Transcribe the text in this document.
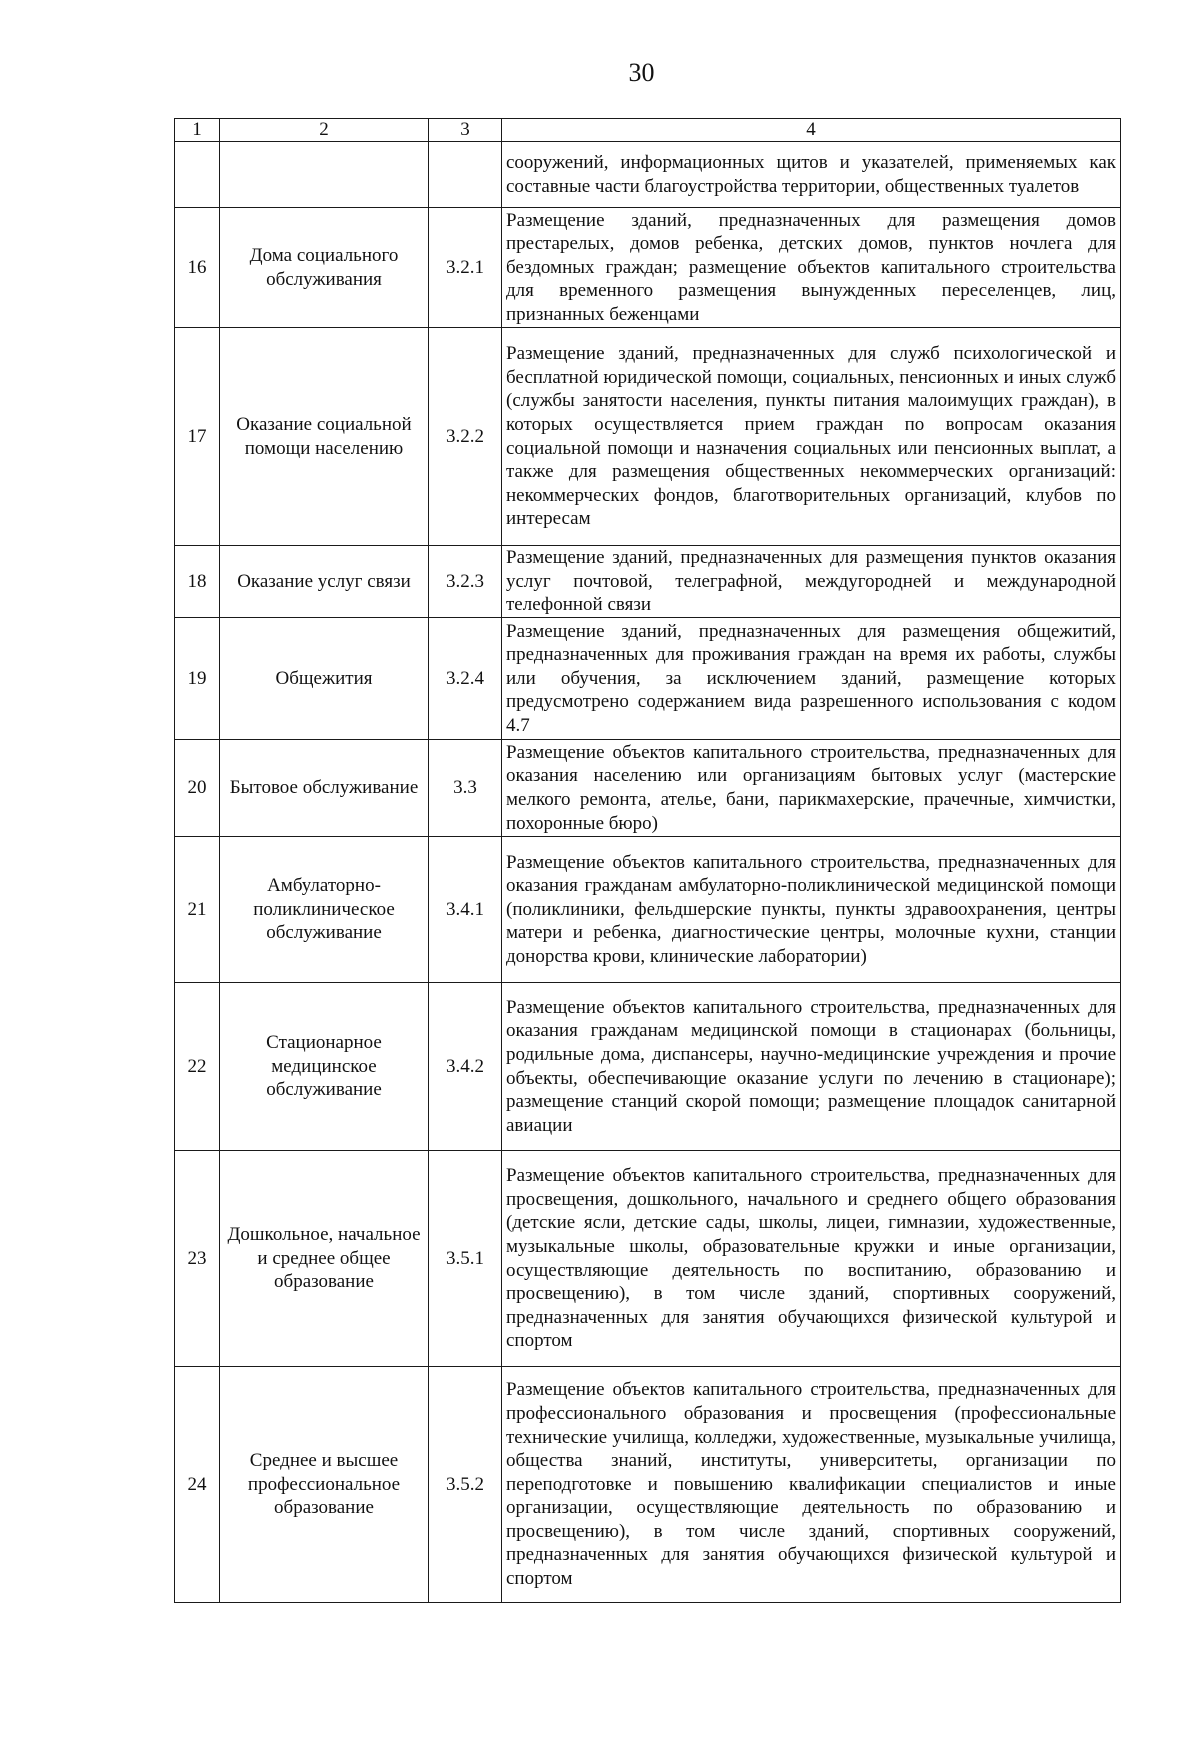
30
1	2	3	4
			сооружений, информационных щитов и указателей, применяемых как составные части благоустройства территории, общественных туалетов
16	Дома социального обслуживания	3.2.1	Размещение зданий, предназначенных для размещения домов престарелых, домов ребенка, детских домов, пунктов ночлега для бездомных граждан; размещение объектов капитального строительства для временного размещения вынужденных переселенцев, лиц, признанных беженцами
17	Оказание социальной помощи населению	3.2.2	Размещение зданий, предназначенных для служб психологической и бесплатной юридической помощи, социальных, пенсионных и иных служб (службы занятости населения, пункты питания малоимущих граждан), в которых осуществляется прием граждан по вопросам оказания социальной помощи и назначения социальных или пенсионных выплат, а также для размещения общественных некоммерческих организаций: некоммерческих фондов, благотворительных организаций, клубов по интересам
18	Оказание услуг связи	3.2.3	Размещение зданий, предназначенных для размещения пунктов оказания услуг почтовой, телеграфной, междугородней и международной телефонной связи
19	Общежития	3.2.4	Размещение зданий, предназначенных для размещения общежитий, предназначенных для проживания граждан на время их работы, службы или обучения, за исключением зданий, размещение которых предусмотрено содержанием вида разрешенного использования с кодом 4.7
20	Бытовое обслуживание	3.3	Размещение объектов капитального строительства, предназначенных для оказания населению или организациям бытовых услуг (мастерские мелкого ремонта, ателье, бани, парикмахерские, прачечные, химчистки, похоронные бюро)
21	Амбулаторно-поликлиническое обслуживание	3.4.1	Размещение объектов капитального строительства, предназначенных для оказания гражданам амбулаторно-поликлинической медицинской помощи (поликлиники, фельдшерские пункты, пункты здравоохранения, центры матери и ребенка, диагностические центры, молочные кухни, станции донорства крови, клинические лаборатории)
22	Стационарное медицинское обслуживание	3.4.2	Размещение объектов капитального строительства, предназначенных для оказания гражданам медицинской помощи в стационарах (больницы, родильные дома, диспансеры, научно-медицинские учреждения и прочие объекты, обеспечивающие оказание услуги по лечению в стационаре); размещение станций скорой помощи; размещение площадок санитарной авиации
23	Дошкольное, начальное и среднее общее образование	3.5.1	Размещение объектов капитального строительства, предназначенных для просвещения, дошкольного, начального и среднего общего образования (детские ясли, детские сады, школы, лицеи, гимназии, художественные, музыкальные школы, образовательные кружки и иные организации, осуществляющие деятельность по воспитанию, образованию и просвещению), в том числе зданий, спортивных сооружений, предназначенных для занятия обучающихся физической культурой и спортом
24	Среднее и высшее профессиональное образование	3.5.2	Размещение объектов капитального строительства, предназначенных для профессионального образования и просвещения (профессиональные технические училища, колледжи, художественные, музыкальные училища, общества знаний, институты, университеты, организации по переподготовке и повышению квалификации специалистов и иные организации, осуществляющие деятельность по образованию и просвещению), в том числе зданий, спортивных сооружений, предназначенных для занятия обучающихся физической культурой и спортом
